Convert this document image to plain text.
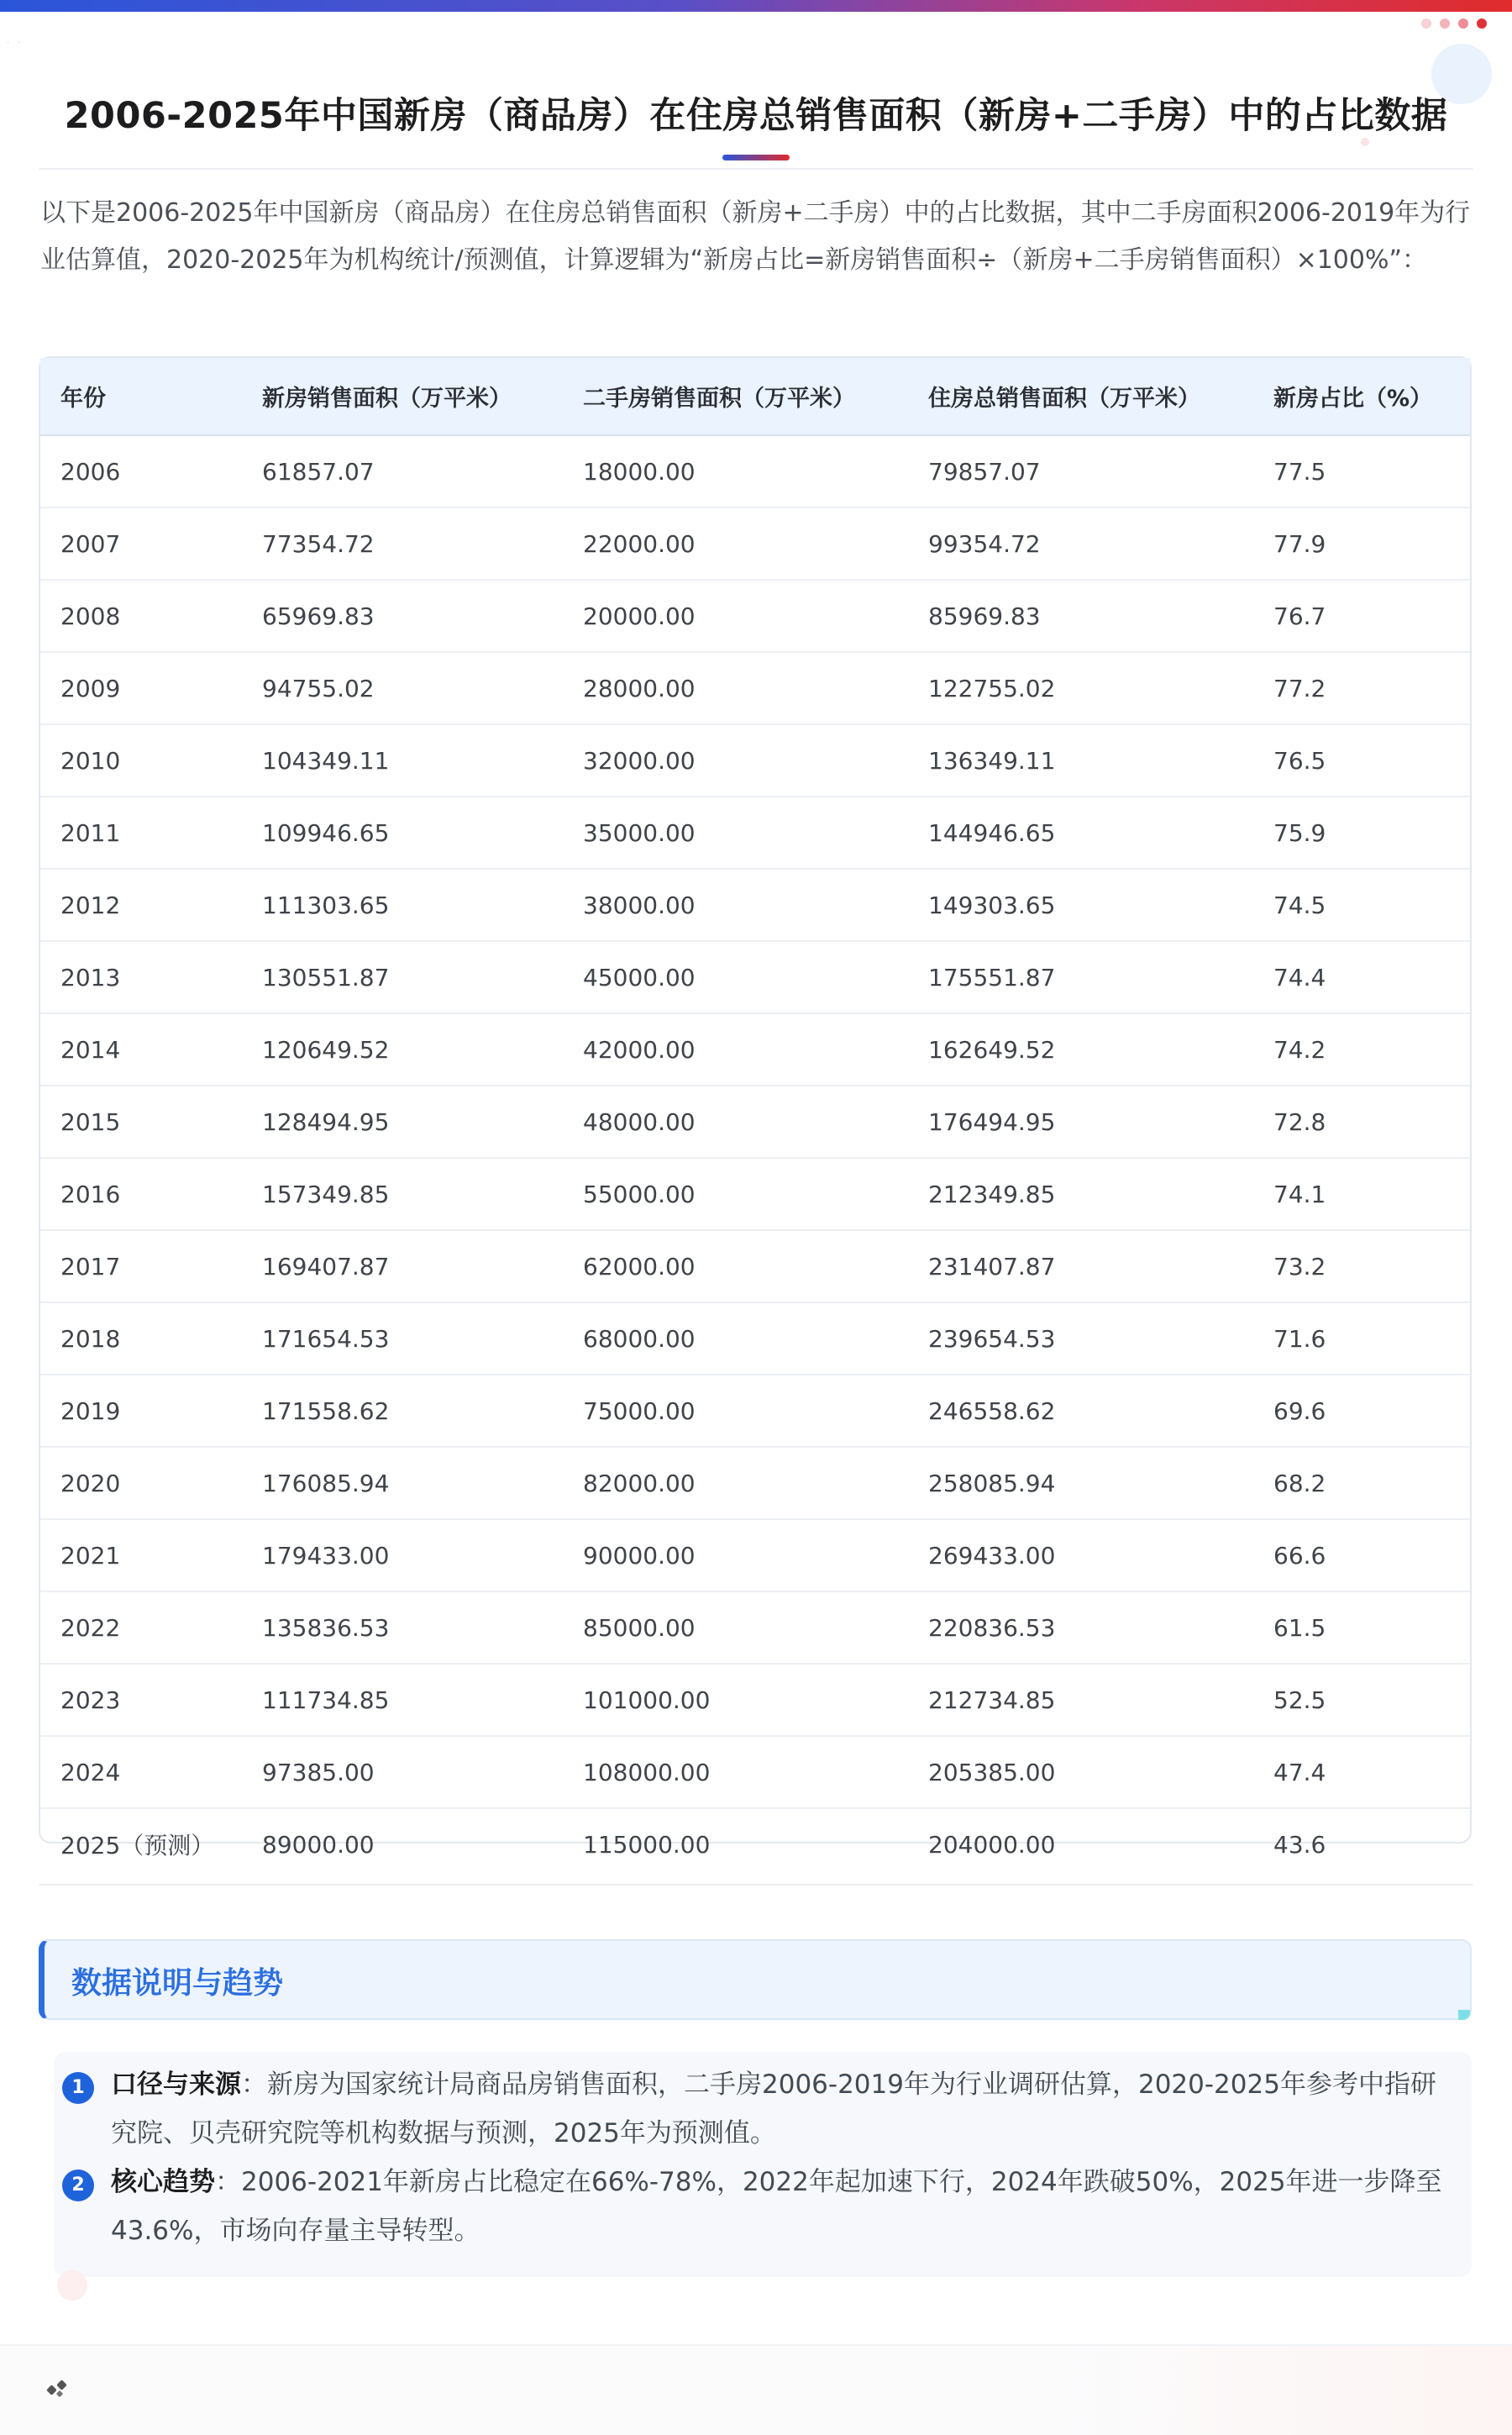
··
2006-2025年中国新房（商品房）在住房总销售面积（新房+二手房）中的占比数据
以下是2006-2025年中国新房（商品房）在住房总销售面积（新房+二手房）中的占比数据，其中二手房面积2006-2019年为行业估算值，2020-2025年为机构统计/预测值，计算逻辑为“新房占比=新房销售面积÷（新房+二手房销售面积）×100%”：
年份	新房销售面积（万平米）	二手房销售面积（万平米）	住房总销售面积（万平米）	新房占比（%）
2006	61857.07	18000.00	79857.07	77.5
2007	77354.72	22000.00	99354.72	77.9
2008	65969.83	20000.00	85969.83	76.7
2009	94755.02	28000.00	122755.02	77.2
2010	104349.11	32000.00	136349.11	76.5
2011	109946.65	35000.00	144946.65	75.9
2012	111303.65	38000.00	149303.65	74.5
2013	130551.87	45000.00	175551.87	74.4
2014	120649.52	42000.00	162649.52	74.2
2015	128494.95	48000.00	176494.95	72.8
2016	157349.85	55000.00	212349.85	74.1
2017	169407.87	62000.00	231407.87	73.2
2018	171654.53	68000.00	239654.53	71.6
2019	171558.62	75000.00	246558.62	69.6
2020	176085.94	82000.00	258085.94	68.2
2021	179433.00	90000.00	269433.00	66.6
2022	135836.53	85000.00	220836.53	61.5
2023	111734.85	101000.00	212734.85	52.5
2024	97385.00	108000.00	205385.00	47.4
2025（预测）	89000.00	115000.00	204000.00	43.6
数据说明与趋势
1	口径与来源：新房为国家统计局商品房销售面积，二手房2006-2019年为行业调研估算，2020-2025年参考中指研究院、贝壳研究院等机构数据与预测，2025年为预测值。
2	核心趋势：2006-2021年新房占比稳定在66%-78%，2022年起加速下行，2024年跌破50%，2025年进一步降至43.6%，市场向存量主导转型。
